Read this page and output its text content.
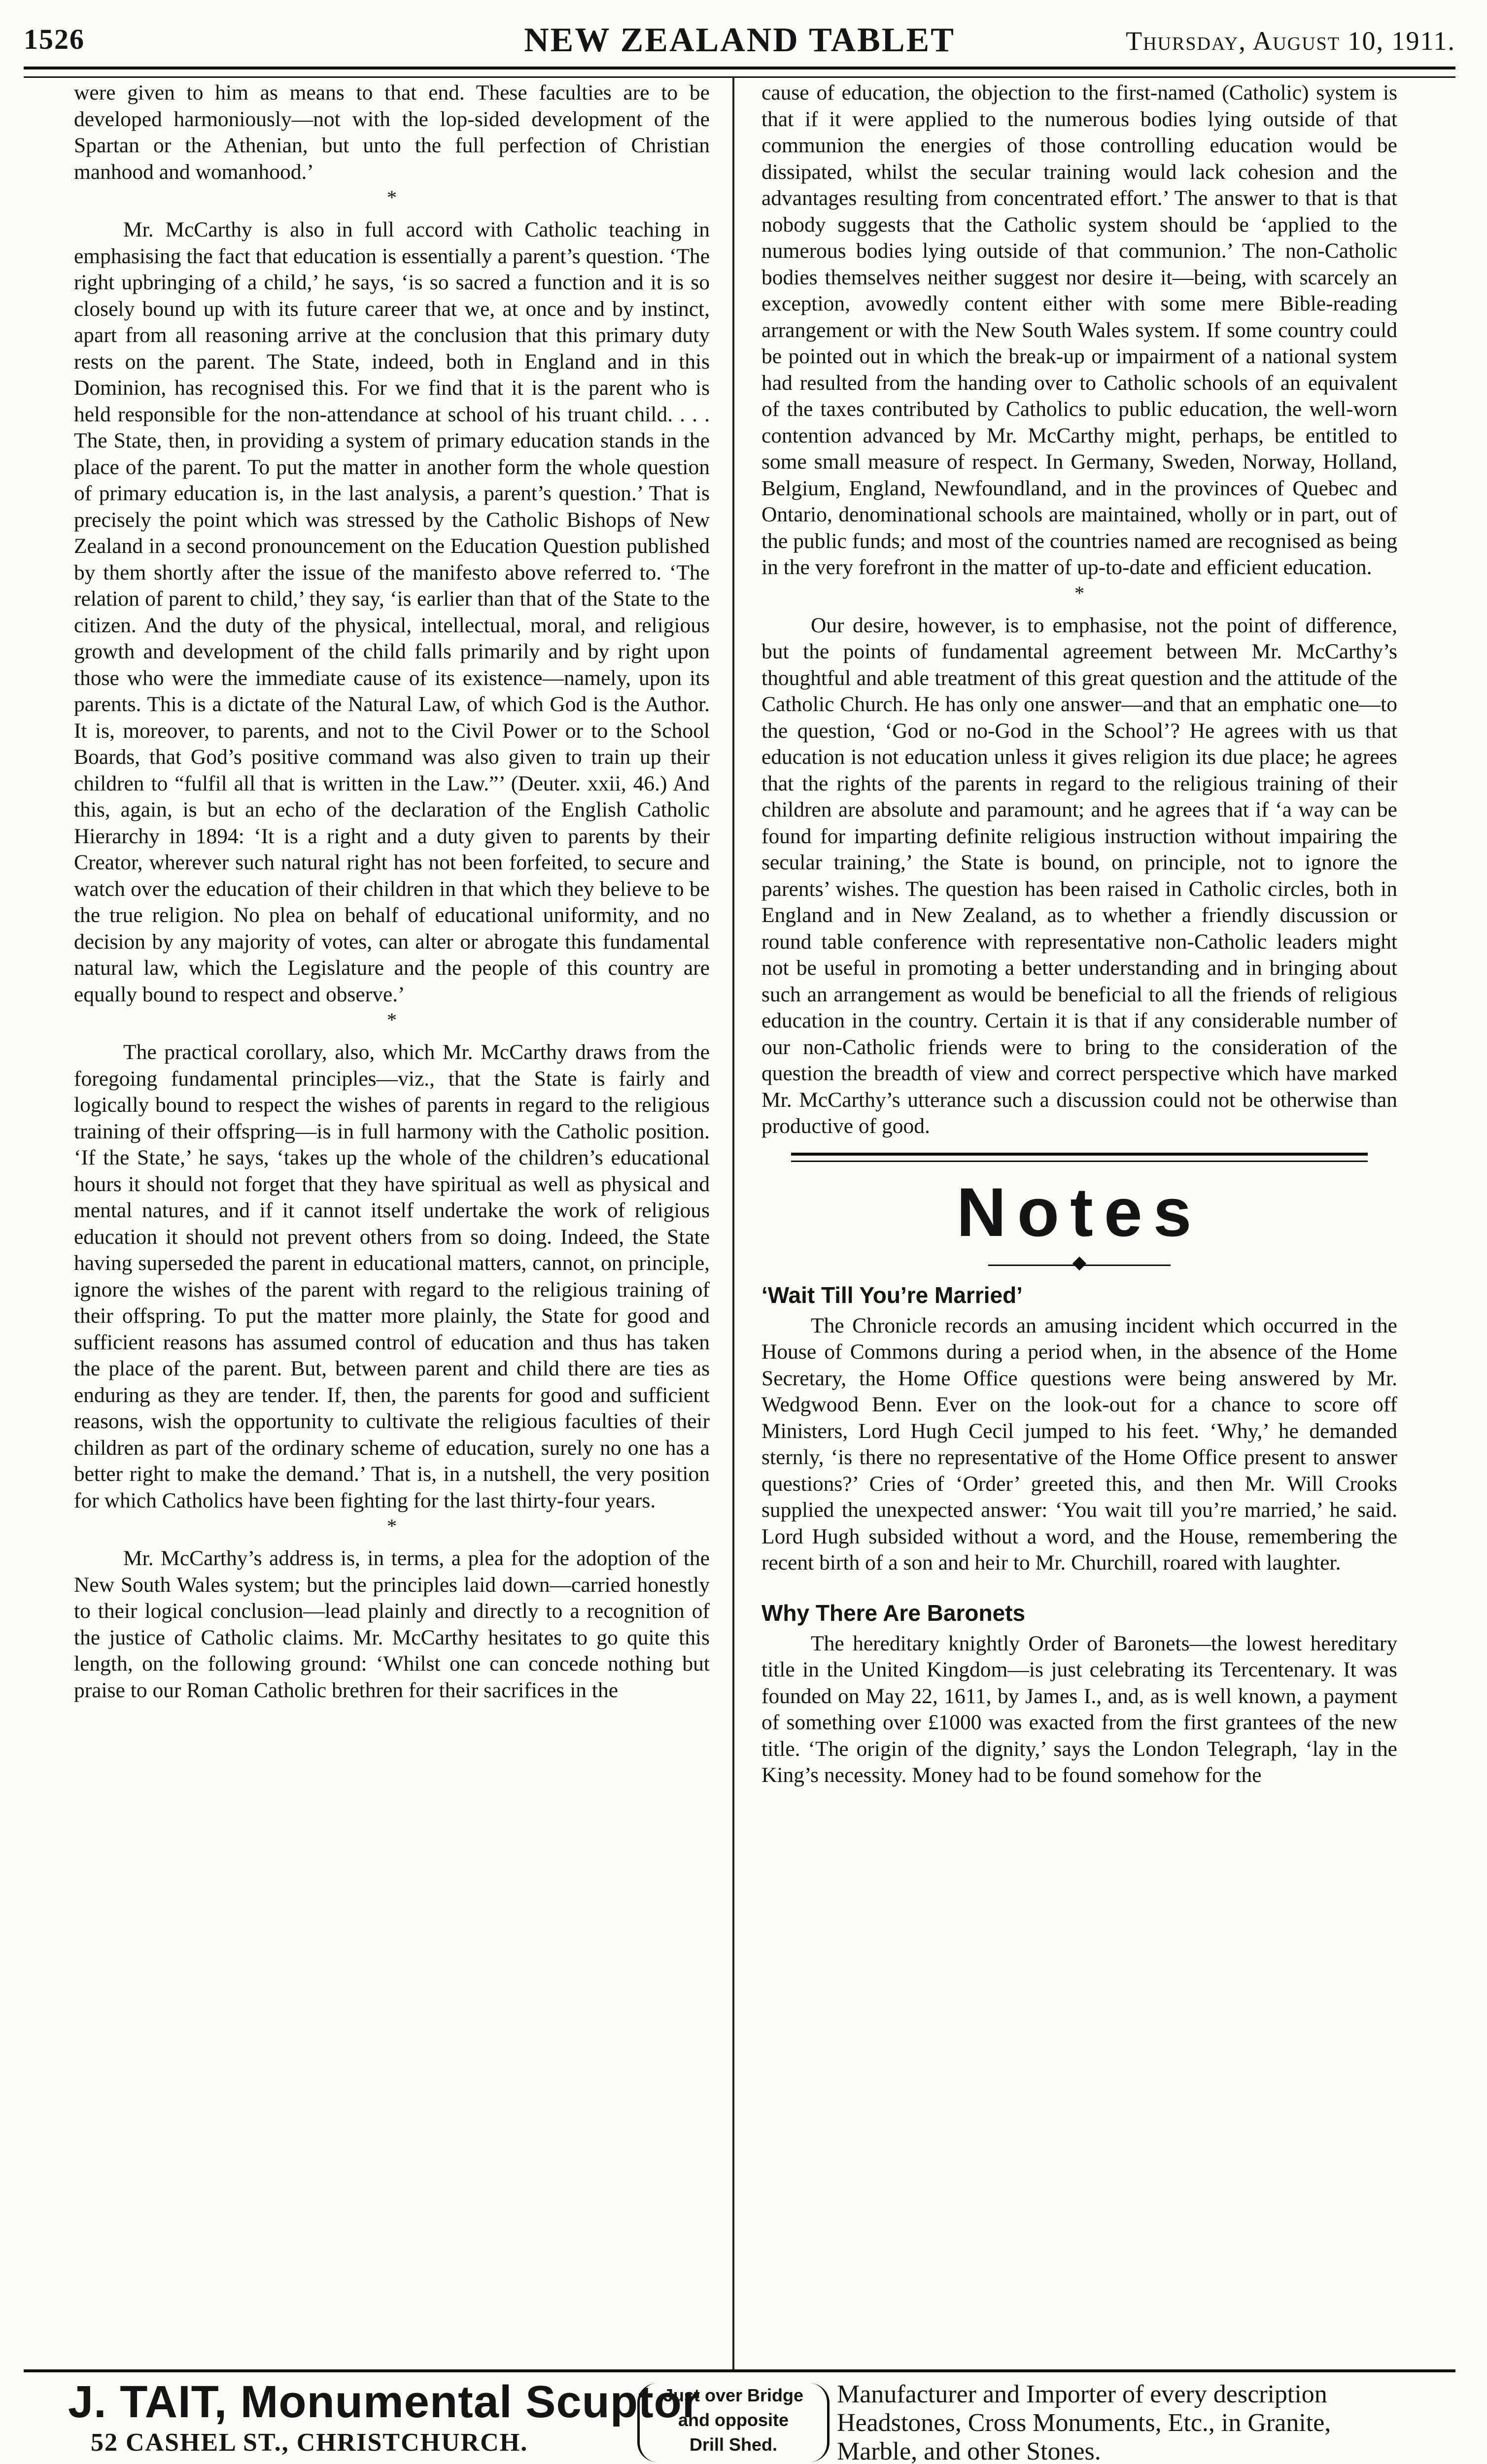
1526	NEW ZEALAND TABLET	Thursday, August 10, 1911.

were given to him as means to that end. These faculties are to be developed harmoniously—not with the lop-sided development of the Spartan or the Athenian, but unto the full perfection of Christian manhood and womanhood.’

*

Mr. McCarthy is also in full accord with Catholic teaching in emphasising the fact that education is essentially a parent’s question. ‘The right upbringing of a child,’ he says, ‘is so sacred a function and it is so closely bound up with its future career that we, at once and by instinct, apart from all reasoning arrive at the conclusion that this primary duty rests on the parent. The State, indeed, both in England and in this Dominion, has recognised this. For we find that it is the parent who is held responsible for the non-attendance at school of his truant child. . . . The State, then, in providing a system of primary education stands in the place of the parent. To put the matter in another form the whole question of primary education is, in the last analysis, a parent’s question.’ That is precisely the point which was stressed by the Catholic Bishops of New Zealand in a second pronouncement on the Education Question published by them shortly after the issue of the manifesto above referred to. ‘The relation of parent to child,’ they say, ‘is earlier than that of the State to the citizen. And the duty of the physical, intellectual, moral, and religious growth and development of the child falls primarily and by right upon those who were the immediate cause of its existence—namely, upon its parents. This is a dictate of the Natural Law, of which God is the Author. It is, moreover, to parents, and not to the Civil Power or to the School Boards, that God’s positive command was also given to train up their children to “fulfil all that is written in the Law.”’ (Deuter. xxii, 46.) And this, again, is but an echo of the declaration of the English Catholic Hierarchy in 1894: ‘It is a right and a duty given to parents by their Creator, wherever such natural right has not been forfeited, to secure and watch over the education of their children in that which they believe to be the true religion. No plea on behalf of educational uniformity, and no decision by any majority of votes, can alter or abrogate this fundamental natural law, which the Legislature and the people of this country are equally bound to respect and observe.’

*

The practical corollary, also, which Mr. McCarthy draws from the foregoing fundamental principles—viz., that the State is fairly and logically bound to respect the wishes of parents in regard to the religious training of their offspring—is in full harmony with the Catholic position. ‘If the State,’ he says, ‘takes up the whole of the children’s educational hours it should not forget that they have spiritual as well as physical and mental natures, and if it cannot itself undertake the work of religious education it should not prevent others from so doing. Indeed, the State having superseded the parent in educational matters, cannot, on principle, ignore the wishes of the parent with regard to the religious training of their offspring. To put the matter more plainly, the State for good and sufficient reasons has assumed control of education and thus has taken the place of the parent. But, between parent and child there are ties as enduring as they are tender. If, then, the parents for good and sufficient reasons, wish the opportunity to cultivate the religious faculties of their children as part of the ordinary scheme of education, surely no one has a better right to make the demand.’ That is, in a nutshell, the very position for which Catholics have been fighting for the last thirty-four years.

*

Mr. McCarthy’s address is, in terms, a plea for the adoption of the New South Wales system; but the principles laid down—carried honestly to their logical conclusion—lead plainly and directly to a recognition of the justice of Catholic claims. Mr. McCarthy hesitates to go quite this length, on the following ground: ‘Whilst one can concede nothing but praise to our Roman Catholic brethren for their sacrifices in the

cause of education, the objection to the first-named (Catholic) system is that if it were applied to the numerous bodies lying outside of that communion the energies of those controlling education would be dissipated, whilst the secular training would lack cohesion and the advantages resulting from concentrated effort.’ The answer to that is that nobody suggests that the Catholic system should be ‘applied to the numerous bodies lying outside of that communion.’ The non-Catholic bodies themselves neither suggest nor desire it—being, with scarcely an exception, avowedly content either with some mere Bible-reading arrangement or with the New South Wales system. If some country could be pointed out in which the break-up or impairment of a national system had resulted from the handing over to Catholic schools of an equivalent of the taxes contributed by Catholics to public education, the well-worn contention advanced by Mr. McCarthy might, perhaps, be entitled to some small measure of respect. In Germany, Sweden, Norway, Holland, Belgium, England, Newfoundland, and in the provinces of Quebec and Ontario, denominational schools are maintained, wholly or in part, out of the public funds; and most of the countries named are recognised as being in the very forefront in the matter of up-to-date and efficient education.

*

Our desire, however, is to emphasise, not the point of difference, but the points of fundamental agreement between Mr. McCarthy’s thoughtful and able treatment of this great question and the attitude of the Catholic Church. He has only one answer—and that an emphatic one—to the question, ‘God or no-God in the School’? He agrees with us that education is not education unless it gives religion its due place; he agrees that the rights of the parents in regard to the religious training of their children are absolute and paramount; and he agrees that if ‘a way can be found for imparting definite religious instruction without impairing the secular training,’ the State is bound, on principle, not to ignore the parents’ wishes. The question has been raised in Catholic circles, both in England and in New Zealand, as to whether a friendly discussion or round table conference with representative non-Catholic leaders might not be useful in promoting a better understanding and in bringing about such an arrangement as would be beneficial to all the friends of religious education in the country. Certain it is that if any considerable number of our non-Catholic friends were to bring to the consideration of the question the breadth of view and correct perspective which have marked Mr. McCarthy’s utterance such a discussion could not be otherwise than productive of good.

Notes
‘Wait Till You’re Married’

The Chronicle records an amusing incident which occurred in the House of Commons during a period when, in the absence of the Home Secretary, the Home Office questions were being answered by Mr. Wedgwood Benn. Ever on the look-out for a chance to score off Ministers, Lord Hugh Cecil jumped to his feet. ‘Why,’ he demanded sternly, ‘is there no representative of the Home Office present to answer questions?’ Cries of ‘Order’ greeted this, and then Mr. Will Crooks supplied the unexpected answer: ‘You wait till you’re married,’ he said. Lord Hugh subsided without a word, and the House, remembering the recent birth of a son and heir to Mr. Churchill, roared with laughter.

Why There Are Baronets

The hereditary knightly Order of Baronets—the lowest hereditary title in the United Kingdom—is just celebrating its Tercentenary. It was founded on May 22, 1611, by James I., and, as is well known, a payment of something over £1000 was exacted from the first grantees of the new title. ‘The origin of the dignity,’ says the London Telegraph, ‘lay in the King’s necessity. Money had to be found somehow for the

J. TAIT, Monumental Scuptor
52 CASHEL ST., CHRISTCHURCH.
Just over Bridge
and opposite
Drill Shed.
Manufacturer and Importer of every description
Headstones, Cross Monuments, Etc., in Granite,
Marble, and other Stones.
